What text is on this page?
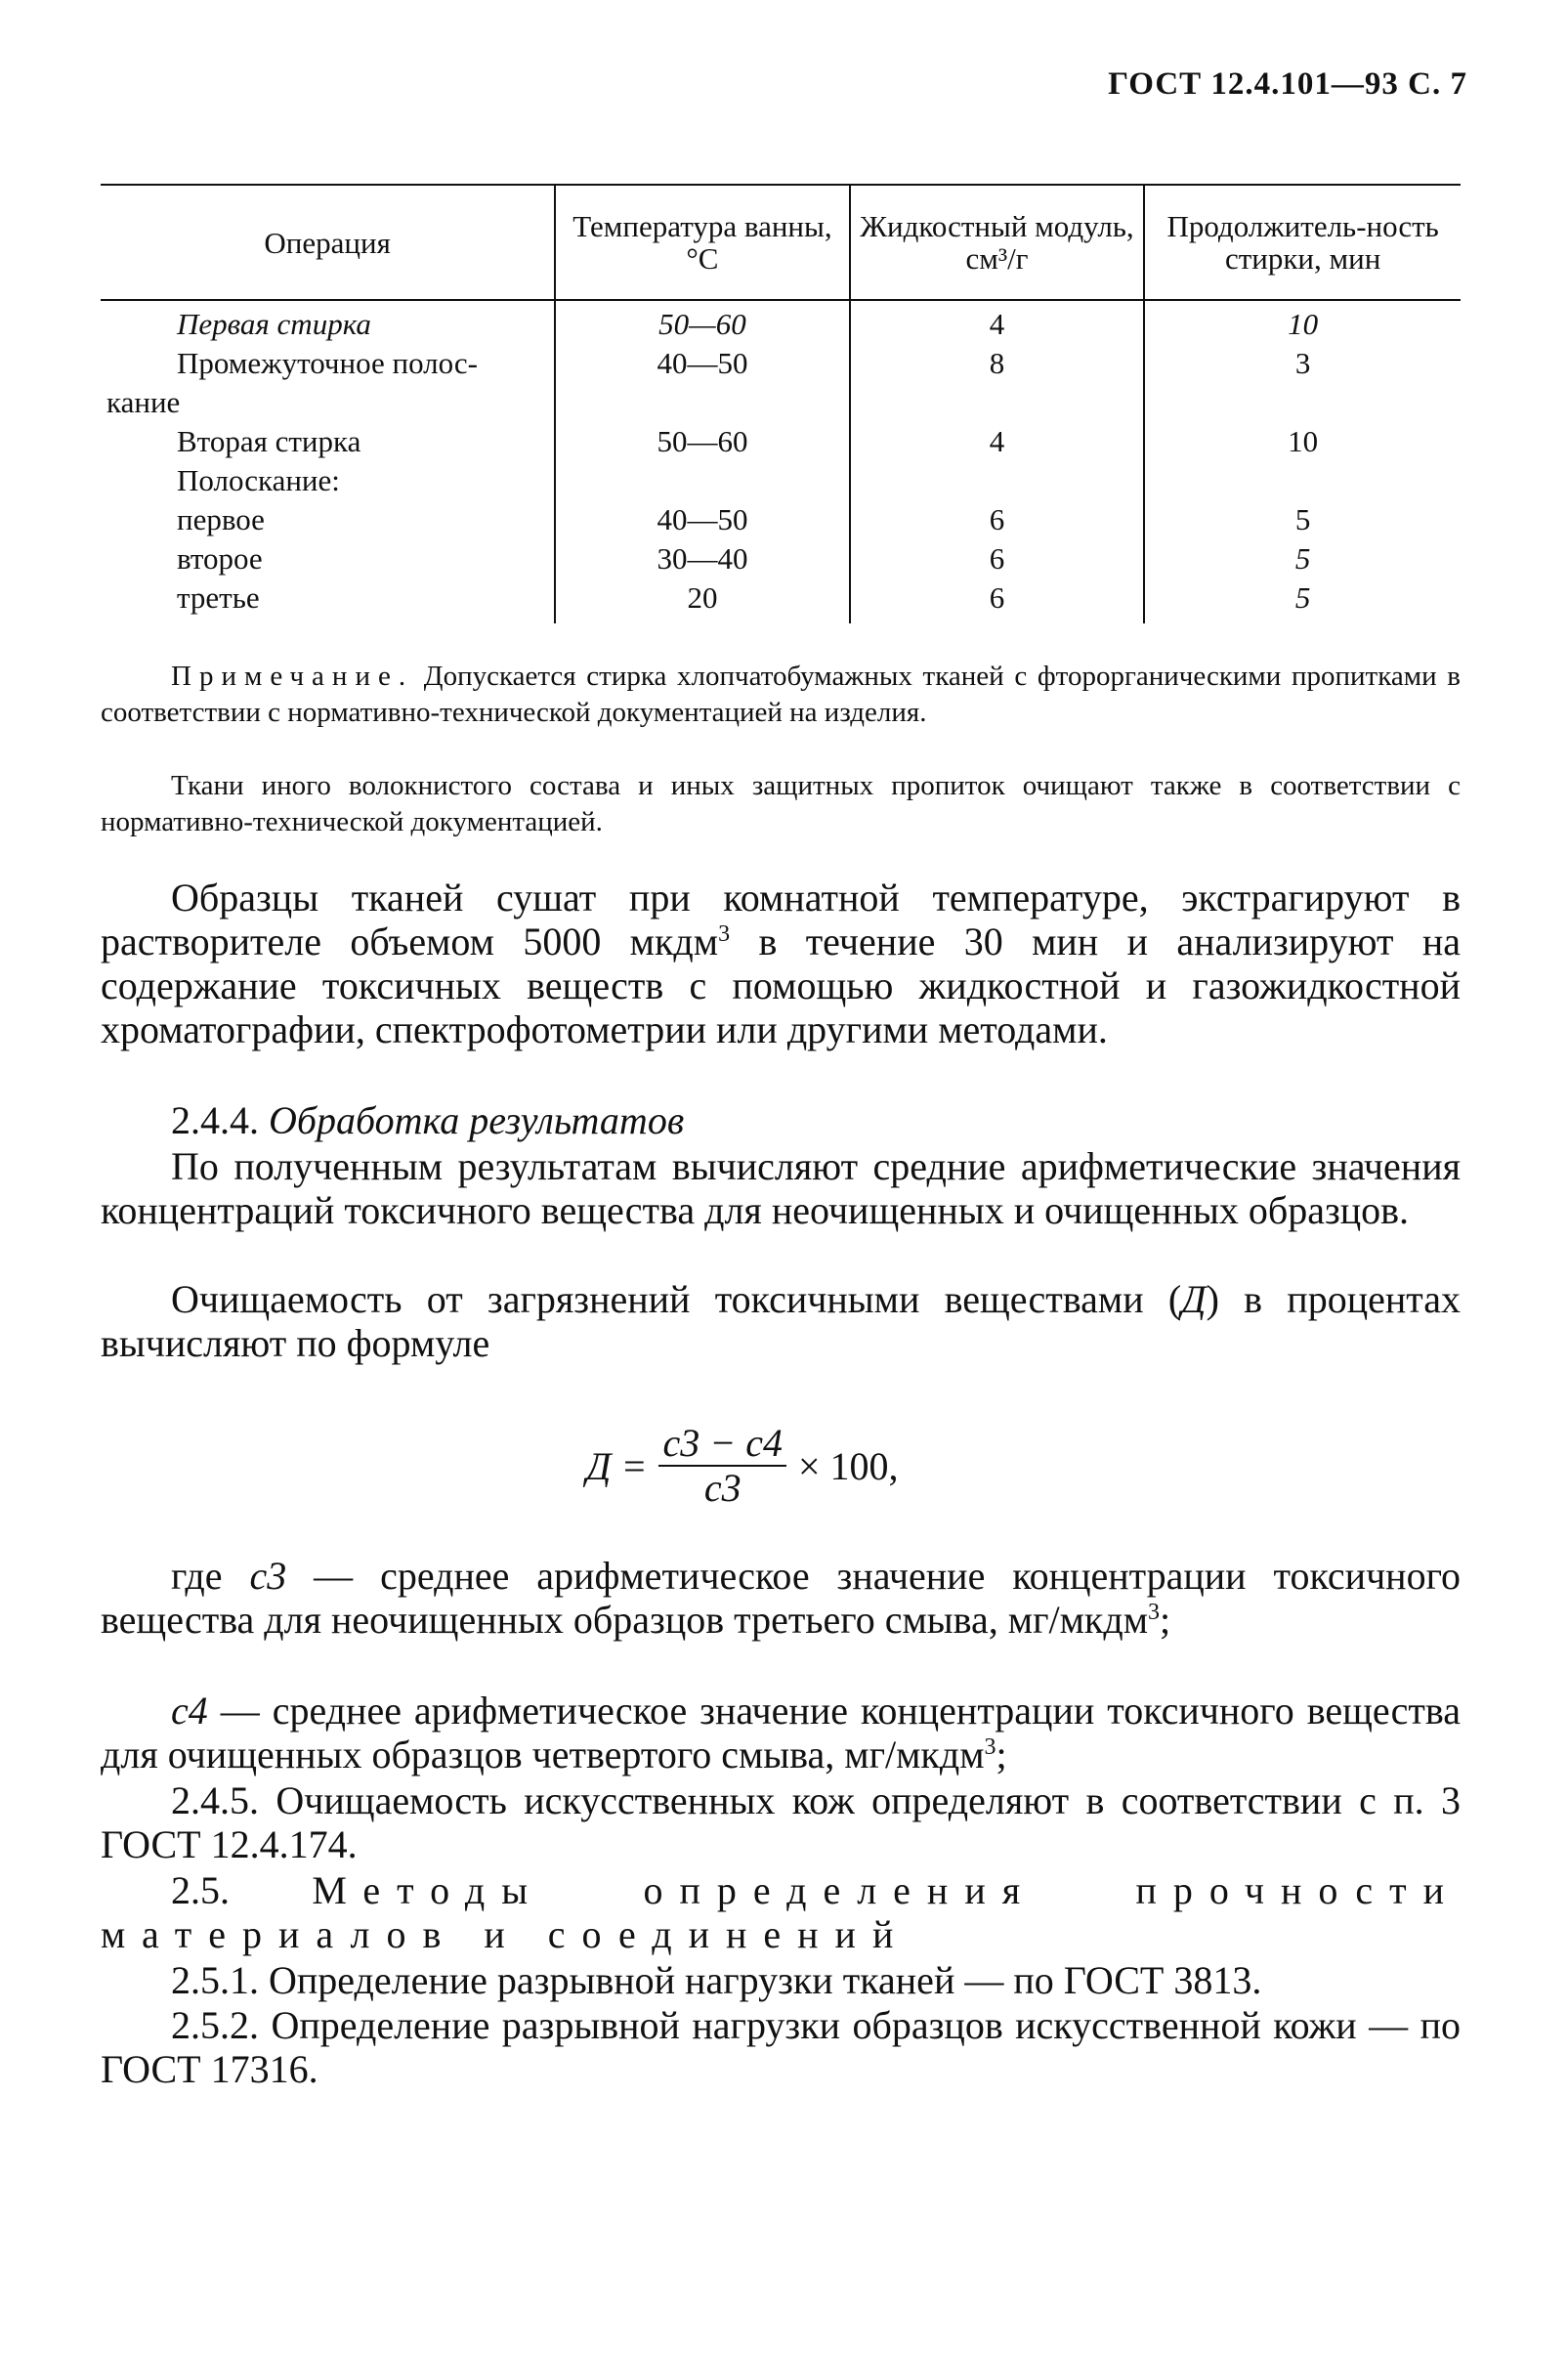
ГОСТ 12.4.101—93 С. 7
Операция	Температура ванны, °С	Жидкостный модуль, см³/г	Продолжитель-ность стирки, мин
Первая стирка	50—60	4	10
Промежуточное полос-
кание	40—50	8	3
Вторая стирка	50—60	4	10
Полоскание:			
первое	40—50	6	5
второе	30—40	6	5
третье	20	6	5
Примечание. Допускается стирка хлопчатобумажных тканей с фторорганическими пропитками в соответствии с нормативно-технической документацией на изделия.
Ткани иного волокнистого состава и иных защитных пропиток очищают также в соответствии с нормативно-технической документацией.
Образцы тканей сушат при комнатной температуре, экстрагируют в растворителе объемом 5000 мкдм$^3$ в течение 30 мин и анализируют на содержание токсичных веществ с помощью жидкостной и газожидкостной хроматографии, спектрофотометрии или другими методами.
2.4.4. Обработка результатов
По полученным результатам вычисляют средние арифметические значения концентраций токсичного вещества для неочищенных и очищенных образцов.
Очищаемость от загрязнений токсичными веществами (Д) в процентах вычисляют по формуле
$Д = \frac{c3 - c4}{c3} \times 100$,
где c3 — среднее арифметическое значение концентрации токсичного вещества для неочищенных образцов третьего смыва, мг/мкдм$^3$;
c4 — среднее арифметическое значение концентрации токсичного вещества для очищенных образцов четвертого смыва, мг/мкдм$^3$;
2.4.5. Очищаемость искусственных кож определяют в соответствии с п. 3 ГОСТ 12.4.174.
2.5. Методы определения прочности материалов и соединений
2.5.1. Определение разрывной нагрузки тканей — по ГОСТ 3813.
2.5.2. Определение разрывной нагрузки образцов искусственной кожи — по ГОСТ 17316.
